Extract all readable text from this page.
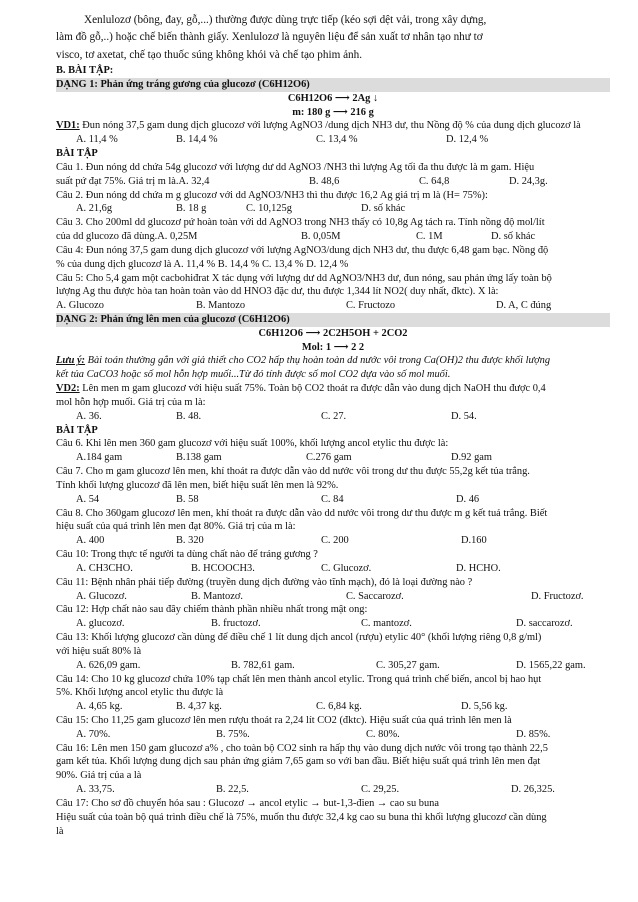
Xenlulozơ (bông, đay, gỗ,...) thường được dùng trực tiếp (kéo sợi dệt vải, trong xây dựng,

làm đồ gỗ,..) hoặc chế biến thành giấy. Xenlulozơ là nguyên liệu để sản xuất tơ nhân tạo như tơ

visco, tơ axetat, chế tạo thuốc súng không khói và chế tạo phim ảnh.

B. BÀI TẬP:

DẠNG 1: Phản ứng tráng gương của glucozơ (C6H12O6)

C6H12O6 ⟶ 2Ag ↓

m: 180 g ⟶ 216 g

VD1: Đun nóng 37,5 gam dung dịch glucozơ với lượng AgNO3 /dung dịch NH3 dư, thu Nồng độ % của dung dịch glucozơ là

A. 11,4 %	B. 14,4 %	C. 13,4 %	D. 12,4 %

BÀI TẬP

Câu 1. Đun nóng dd chứa 54g glucozơ với lượng dư dd AgNO3 /NH3 thì lượng Ag tối đa thu được là m gam. Hiệu

suất pứ đạt 75%. Giá trị m là.A. 32,4	B. 48,6	C. 64,8	D. 24,3g.

Câu 2. Đun nóng dd chứa m g glucozơ với dd AgNO3/NH3 thì thu được 16,2 Ag giá trị m là (H= 75%):

A. 21,6g	B. 18 g	C. 10,125g	D. số khác

Câu 3. Cho 200ml dd glucozơ pứ hoàn toàn với dd AgNO3 trong NH3 thấy có 10,8g Ag tách ra. Tính nồng độ mol/lít

của dd glucozo đã dùng.A. 0,25M	B. 0,05M	C. 1M	D. số khác

Câu 4: Đun nóng 37,5 gam dung dịch glucozơ với lượng AgNO3/dung dịch NH3 dư, thu được 6,48 gam bạc. Nồng độ

% của dung dịch glucozơ là A. 11,4 % B. 14,4 % C. 13,4 % D. 12,4 %

Câu 5: Cho 5,4 gam một cacbohiđrat X tác dụng với lượng dư dd AgNO3/NH3 dư, đun nóng, sau phản ứng lấy toàn bộ

lượng Ag thu được hòa tan hoàn toàn vào dd HNO3 đặc dư, thu được 1,344 lít NO2( duy nhất, đktc). X là:

A. Glucozo	B. Mantozo	C. Fructozo	D. A, C đúng

DẠNG 2: Phản ứng lên men của glucozơ (C6H12O6)

C6H12O6 ⟶ 2C2H5OH + 2CO2

Mol: 1 ⟶ 2 2

Lưu ý: Bài toán thường gắn với giả thiết cho CO2 hấp thụ hoàn toàn dd nước vôi trong Ca(OH)2 thu được khối lượng

kết tủa CaCO3 hoặc số mol hỗn hợp muối...Từ đó tính được số mol CO2 dựa vào số mol muối.

VD2: Lên men m gam glucozơ với hiệu suất 75%. Toàn bộ CO2 thoát ra được dẫn vào dung dịch NaOH thu được 0,4

mol hỗn hợp muối. Giá trị của m là:

A. 36.	B. 48.	C. 27.	D. 54.

BÀI TẬP

Câu 6. Khi lên men 360 gam glucozơ với hiệu suất 100%, khối lượng ancol etylic thu được là:

A.184 gam	B.138 gam	C.276 gam	D.92 gam

Câu 7. Cho m gam glucozơ lên men, khí thoát ra được dẫn vào dd nước vôi trong dư thu được 55,2g kết tủa trắng.

Tính khối lượng glucozơ đã lên men, biết hiệu suất lên men là 92%.

A. 54	B. 58	C. 84	D. 46

Câu 8. Cho 360gam glucozơ lên men, khí thoát ra được dẫn vào dd nước vôi trong dư thu được m g kết tuả trắng. Biết

hiệu suất của quá trình lên men đạt 80%. Giá trị của m là:

A. 400	B. 320	C. 200	D.160

Câu 10: Trong thực tế người ta dùng chất nào để tráng gương ?

A. CH3CHO.	B. HCOOCH3.	C. Glucozơ.	D. HCHO.

Câu 11: Bệnh nhân phải tiếp đường (truyền dung dịch đường vào tĩnh mạch), đó là loại đường nào ?

A. Glucozơ.	B. Mantozơ.	C. Saccarozơ.	D. Fructozơ.

Câu 12: Hợp chất nào sau đây chiếm thành phần nhiều nhất trong mật ong:

A. glucozơ.	B. fructozơ.	C. mantozơ.	D. saccarozơ.

Câu 13: Khối lượng glucozơ cần dùng để điều chế 1 lít dung dịch ancol (rượu) etylic 40° (khối lượng riêng 0,8 g/ml)

với hiệu suất 80% là

A. 626,09 gam.	B. 782,61 gam.	C. 305,27 gam.	D. 1565,22 gam.

Câu 14: Cho 10 kg glucozơ chứa 10% tạp chất lên men thành ancol etylic. Trong quá trình chế biến, ancol bị hao hụt

5%. Khối lượng ancol etylic thu được là

A. 4,65 kg.	B. 4,37 kg.	C. 6,84 kg.	D. 5,56 kg.

Câu 15: Cho 11,25 gam glucozơ lên men rượu thoát ra 2,24 lít CO2 (đktc). Hiệu suất của quá trình lên men là

A. 70%.	B. 75%.	C. 80%.	D. 85%.

Câu 16: Lên men 150 gam glucozơ a% , cho toàn bộ CO2 sinh ra hấp thụ vào dung dịch nước vôi trong tạo thành 22,5

gam kết tủa. Khối lượng dung dịch sau phản ứng giảm 7,65 gam so với ban đầu. Biết hiệu suất quá trình lên men đạt

90%. Giá trị của a là

A. 33,75.	B. 22,5.	C. 29,25.	D. 26,325.

Câu 17: Cho sơ đồ chuyển hóa sau : Glucozơ → ancol etylic → but-1,3-đien → cao su buna

Hiệu suất của toàn bộ quá trình điều chế là 75%, muốn thu được 32,4 kg cao su buna thì khối lượng glucozơ cần dùng

là
